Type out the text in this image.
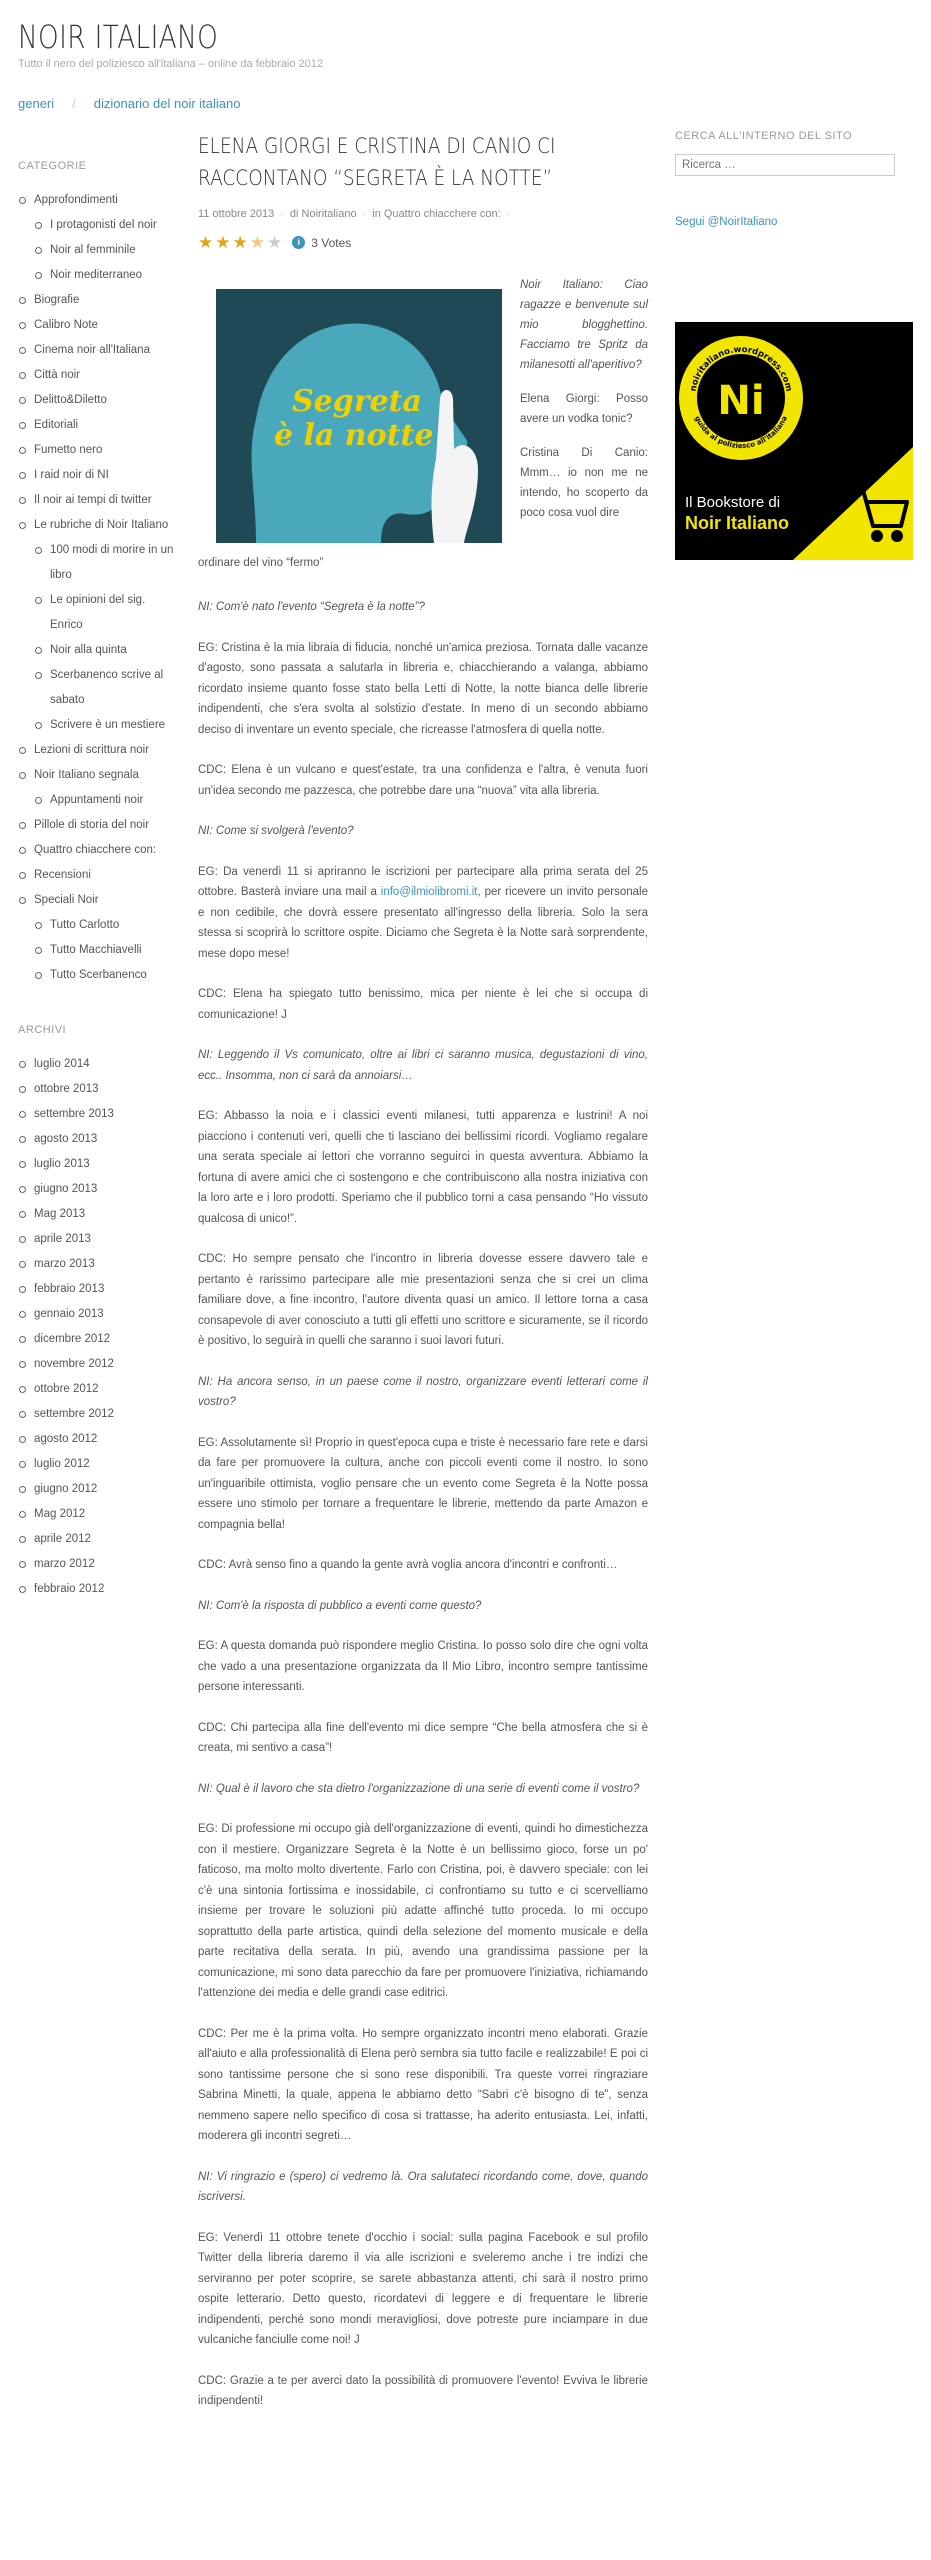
NOIR ITALIANO
Tutto il nero del poliziesco all'italiana – online da febbraio 2012
generi / dizionario del noir italiano
CATEGORIE
Approfondimenti
I protagonisti del noir
Noir al femminile
Noir mediterraneo
Biografie
Calibro Note
Cinema noir all'Italiana
Città noir
Delitto&Diletto
Editoriali
Fumetto nero
I raid noir di NI
Il noir ai tempi di twitter
Le rubriche di Noir Italiano
100 modi di morire in un libro
Le opinioni del sig. Enrico
Noir alla quinta
Scerbanenco scrive al sabato
Scrivere è un mestiere
Lezioni di scrittura noir
Noir Italiano segnala
Appuntamenti noir
Pillole di storia del noir
Quattro chiacchere con:
Recensioni
Speciali Noir
Tutto Carlotto
Tutto Macchiavelli
Tutto Scerbanenco
ARCHIVI
luglio 2014
ottobre 2013
settembre 2013
agosto 2013
luglio 2013
giugno 2013
Mag 2013
aprile 2013
marzo 2013
febbraio 2013
gennaio 2013
dicembre 2012
novembre 2012
ottobre 2012
settembre 2012
agosto 2012
luglio 2012
giugno 2012
Mag 2012
aprile 2012
marzo 2012
febbraio 2012
ELENA GIORGI E CRISTINA DI CANIO CI RACCONTANO “SEGRETA È LA NOTTE”
11 ottobre 2013 · di Noiritaliano · in Quattro chiacchere con: ·
★ ★ ★ ★ ★	i 3 Votes
Segreta
è la notte

Noir Italiano: Ciao ragazze e benvenute sul mio blogghettino. Facciamo tre Spritz da milanesotti all'aperitivo?

Elena Giorgi: Posso avere un vodka tonic?

Cristina Di Canio: Mmm… io non me ne intendo, ho scoperto da poco cosa vuol dire

ordinare del vino “fermo”

NI: Com'è nato l'evento “Segreta è la notte”?

EG: Cristina è la mia libraia di fiducia, nonché un'amica preziosa. Tornata dalle vacanze d'agosto, sono passata a salutarla in libreria e, chiacchierando a valanga, abbiamo ricordato insieme quanto fosse stato bella Letti di Notte, la notte bianca delle librerie indipendenti, che s'era svolta al solstizio d'estate. In meno di un secondo abbiamo deciso di inventare un evento speciale, che ricreasse l'atmosfera di quella notte.

CDC: Elena è un vulcano e quest'estate, tra una confidenza e l'altra, è venuta fuori un'idea secondo me pazzesca, che potrebbe dare una “nuova” vita alla libreria.

NI: Come si svolgerà l'evento?

EG: Da venerdì 11 si apriranno le iscrizioni per partecipare alla prima serata del 25 ottobre. Basterà inviare una mail a info@ilmiolibromi.it, per ricevere un invito personale e non cedibile, che dovrà essere presentato all'ingresso della libreria. Solo la sera stessa si scoprirà lo scrittore ospite. Diciamo che Segreta è la Notte sarà sorprendente, mese dopo mese!

CDC: Elena ha spiegato tutto benissimo, mica per niente è lei che si occupa di comunicazione! J

NI: Leggendo il Vs comunicato, oltre ai libri ci saranno musica, degustazioni di vino, ecc.. Insomma, non ci sarà da annoiarsi…

EG: Abbasso la noia e i classici eventi milanesi, tutti apparenza e lustrini! A noi piacciono i contenuti veri, quelli che ti lasciano dei bellissimi ricordi. Vogliamo regalare una serata speciale ai lettori che vorranno seguirci in questa avventura. Abbiamo la fortuna di avere amici che ci sostengono e che contribuiscono alla nostra iniziativa con la loro arte e i loro prodotti. Speriamo che il pubblico torni a casa pensando “Ho vissuto qualcosa di unico!”.

CDC: Ho sempre pensato che l'incontro in libreria dovesse essere davvero tale e pertanto è rarissimo partecipare alle mie presentazioni senza che si crei un clima familiare dove, a fine incontro, l'autore diventa quasi un amico. Il lettore torna a casa consapevole di aver conosciuto a tutti gli effetti uno scrittore e sicuramente, se il ricordo è positivo, lo seguirà in quelli che saranno i suoi lavori futuri.

NI: Ha ancora senso, in un paese come il nostro, organizzare eventi letterari come il vostro?

EG: Assolutamente sì! Proprio in quest'epoca cupa e triste è necessario fare rete e darsi da fare per promuovere la cultura, anche con piccoli eventi come il nostro. Io sono un'inguaribile ottimista, voglio pensare che un evento come Segreta è la Notte possa essere uno stimolo per tornare a frequentare le librerie, mettendo da parte Amazon e compagnia bella!

CDC: Avrà senso fino a quando la gente avrà voglia ancora d'incontri e confronti…

NI: Com'è la risposta di pubblico a eventi come questo?

EG: A questa domanda può rispondere meglio Cristina. Io posso solo dire che ogni volta che vado a una presentazione organizzata da Il Mio Libro, incontro sempre tantissime persone interessanti.

CDC: Chi partecipa alla fine dell'evento mi dice sempre “Che bella atmosfera che si è creata, mi sentivo a casa”!

NI: Qual è il lavoro che sta dietro l'organizzazione di una serie di eventi come il vostro?

EG: Di professione mi occupo già dell'organizzazione di eventi, quindi ho dimestichezza con il mestiere. Organizzare Segreta è la Notte è un bellissimo gioco, forse un po' faticoso, ma molto molto divertente. Farlo con Cristina, poi, è davvero speciale: con lei c'è una sintonia fortissima e inossidabile, ci confrontiamo su tutto e ci scervelliamo insieme per trovare le soluzioni più adatte affinché tutto proceda. Io mi occupo soprattutto della parte artistica, quindi della selezione del momento musicale e della parte recitativa della serata. In più, avendo una grandissima passione per la comunicazione, mi sono data parecchio da fare per promuovere l'iniziativa, richiamando l'attenzione dei media e delle grandi case editrici.

CDC: Per me è la prima volta. Ho sempre organizzato incontri meno elaborati. Grazie all'aiuto e alla professionalità di Elena però sembra sia tutto facile e realizzabile! E poi ci sono tantissime persone che si sono rese disponibili. Tra queste vorrei ringraziare Sabrina Minetti, la quale, appena le abbiamo detto “Sabri c'è bisogno di te”, senza nemmeno sapere nello specifico di cosa si trattasse, ha aderito entusiasta. Lei, infatti, moderera gli incontri segreti…

NI: Vi ringrazio e (spero) ci vedremo là. Ora salutateci ricordando come, dove, quando iscriversi.

EG: Venerdì 11 ottobre tenete d'occhio i social: sulla pagina Facebook e sul profilo Twitter della libreria daremo il via alle iscrizioni e sveleremo anche i tre indizi che serviranno per poter scoprire, se sarete abbastanza attenti, chi sarà il nostro primo ospite letterario. Detto questo, ricordatevi di leggere e di frequentare le librerie indipendenti, perché sono mondi meravigliosi, dove potreste pure inciampare in due vulcaniche fanciulle come noi! J

CDC: Grazie a te per averci dato la possibilità di promuovere l'evento! Evviva le librerie indipendenti!

CERCA ALL'INTERNO DEL SITO
Ricerca …
Segui @NoirItaliano
noiritaliano.wordpress.com
guida al poliziesco all'italiana
Ni
Il Bookstore di
Noir Italiano
